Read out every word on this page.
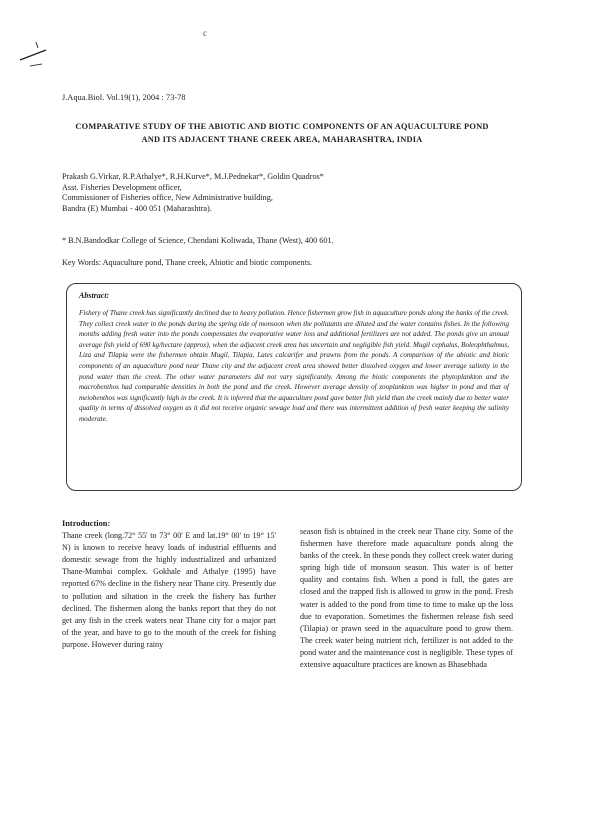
c
J.Aqua.Biol. Vol.19(1), 2004 : 73-78
COMPARATIVE STUDY OF THE ABIOTIC AND BIOTIC COMPONENTS OF AN AQUACULTURE POND AND ITS ADJACENT THANE CREEK AREA, MAHARASHTRA, INDIA
Prakash G.Virkar, R.P.Athalye*, R.H.Kurve*, M.J.Pednekar*, Goldin Quadros*
Asst. Fisheries Development officer,
Commissioner of Fisheries office, New Administrative building,
Bandra (E) Mumbai - 400 051 (Maharashtra).
* B.N.Bandodkar College of Science, Chendani Koliwada, Thane (West), 400 601.
Key Words: Aquaculture pond, Thane creek, Abiotic and biotic components.

Abstract:

Fishery of Thane creek has significantly declined due to heavy pollution. Hence fishermen grow fish in aquaculture ponds along the banks of the creek. They collect creek water in the ponds during the spring tide of monsoon when the pollutants are diluted and the water contains fishes. In the following months adding fresh water into the ponds compensates the evaporative water loss and additional fertilizers are not added. The ponds give an annual average fish yield of 690 kg/hectare (approx), when the adjacent creek area has uncertain and negligible fish yield. Mugil cephalus, Boleophthalmus, Liza and Tilapia were the fishermen obtain Mugil, Tilapia, Lates calcarifer and prawns from the ponds. A comparison of the abiotic and biotic components of an aquaculture pond near Thane city and the adjacent creek area showed better dissolved oxygen and lower average salinity in the pond water than the creek. The other water parameters did not vary significantly. Among the biotic components the phytoplankton and the macrobenthos had comparable densities in both the pond and the creek. However average density of zooplankton was higher in pond and that of meiobenthos was significantly high in the creek. It is inferred that the aquaculture pond gave better fish yield than the creek mainly due to better water quality in terms of dissolved oxygen as it did not receive organic sewage load and there was intermittent addition of fresh water keeping the salinity moderate.

Introduction:

Thane creek (long.72° 55' to 73° 00' E and lat.19° 00' to 19° 15' N) is known to receive heavy loads of industrial effluents and domestic sewage from the highly industrialized and urbanized Thane-Mumbai complex. Gokhale and Athalye (1995) have reported 67% decline in the fishery near Thane city. Presently due to pollution and siltation in the creek the fishery has further declined. The fishermen along the banks report that they do not get any fish in the creek waters near Thane city for a major part of the year, and have to go to the mouth of the creek for fishing purpose. However during rainy

season fish is obtained in the creek near Thane city. Some of the fishermen have therefore made aquaculture ponds along the banks of the creek. In these ponds they collect creek water during spring high tide of monsoon season. This water is of better quality and contains fish. When a pond is full, the gates are closed and the trapped fish is allowed to grow in the pond. Fresh water is added to the pond from time to time to make up the loss due to evaporation. Sometimes the fishermen release fish seed (Tilapia) or prawn seed in the aquaculture pond to grow them. The creek water being nutrient rich, fertilizer is not added to the pond water and the maintenance cost is negligible. These types of extensive aquaculture practices are known as Bhasebhada
